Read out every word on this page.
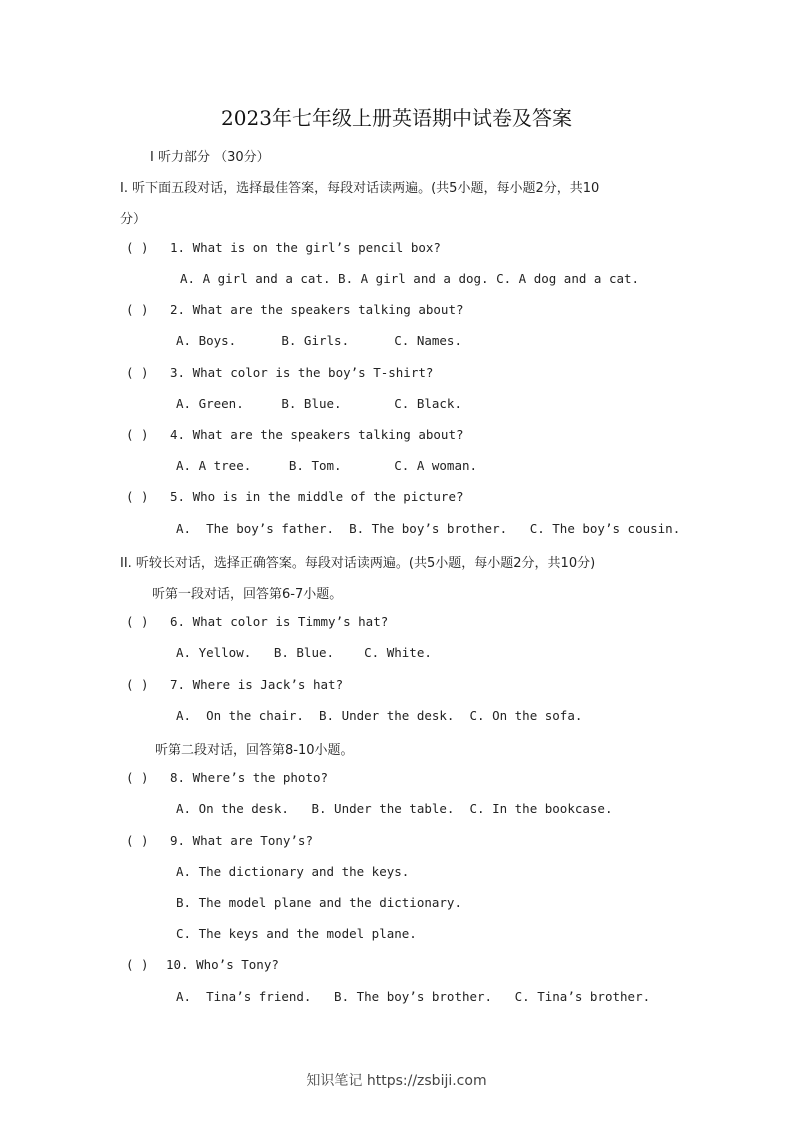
2023年七年级上册英语期中试卷及答案
Ⅰ 听力部分 （30分）
Ⅰ. 听下面五段对话，选择最佳答案，每段对话读两遍。(共5小题，每小题2分，共10
分）
( ) 1. What is on the girl’s pencil box?
A. A girl and a cat. B. A girl and a dog. C. A dog and a cat.
( ) 2. What are the speakers talking about?
A. Boys.      B. Girls.      C. Names.
( ) 3. What color is the boy’s T-shirt?
A. Green.     B. Blue.       C. Black.
( ) 4. What are the speakers talking about?
A. A tree.     B. Tom.       C. A woman.
( ) 5. Who is in the middle of the picture?
A.  The boy’s father.  B. The boy’s brother.   C. The boy’s cousin.
II. 听较长对话，选择正确答案。每段对话读两遍。(共5小题，每小题2分，共10分)
听第一段对话，回答第6-7小题。
( ) 6. What color is Timmy’s hat?
A. Yellow.   B. Blue.    C. White.
( ) 7. Where is Jack’s hat?
A.  On the chair.  B. Under the desk.  C. On the sofa.
听第二段对话，回答第8-10小题。
( ) 8. Where’s the photo?
A. On the desk.   B. Under the table.  C. In the bookcase.
( ) 9. What are Tony’s?
A. The dictionary and the keys.
B. The model plane and the dictionary.
C. The keys and the model plane.
( ) 10. Who’s Tony?
A.  Tina’s friend.   B. The boy’s brother.   C. Tina’s brother.
知识笔记 https://zsbiji.com
